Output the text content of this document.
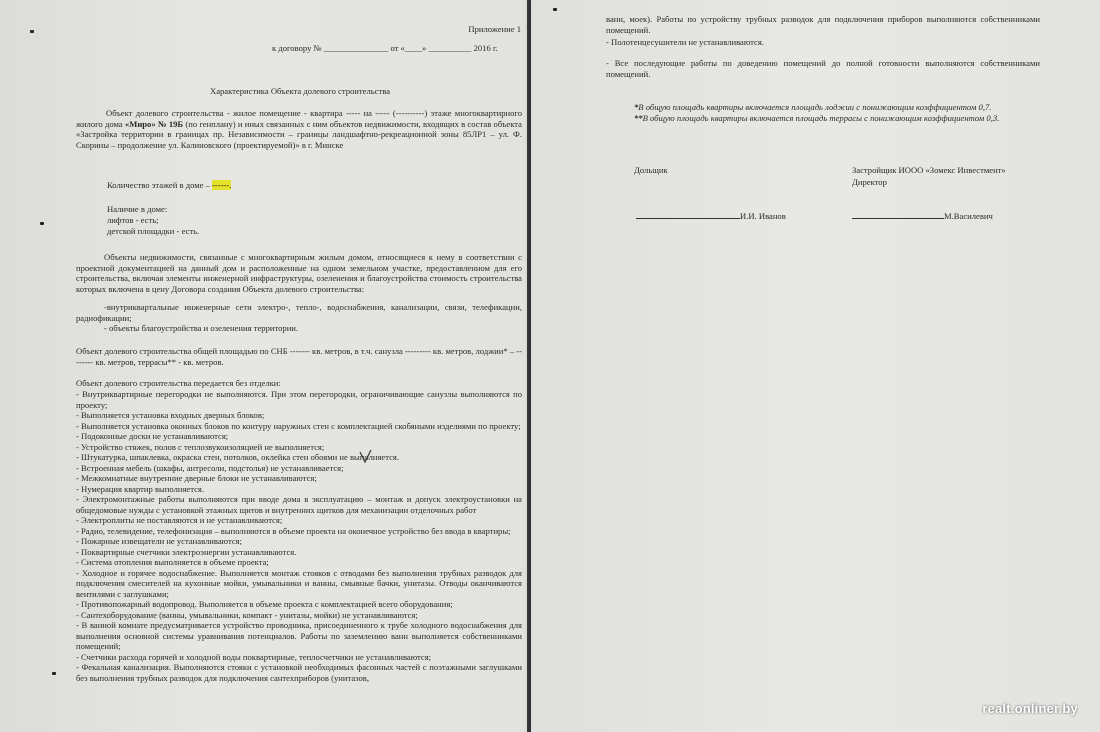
Приложение 1

к договору № _______________ от «____» __________ 2016 г.

Характеристика Объекта долевого строительства

Объект долевого строительства - жилое помещение - квартира ----- на ----- (----------) этаже многоквартирного жилого дома «Миро» № 19Б (по генплану) и иных связанных с ним объектов недвижимости, входящих в состав объекта «Застройка территории в границах пр. Независимости – границы ландшафтно-рекреационной зоны 85ЛР1 – ул. Ф. Скорины – продолжение ул. Калиновского (проектируемой)» в г. Минске

Количество этажей в доме – ------.

Наличие в доме:

лифтов - есть;

детской площадки - есть.

Объекты недвижимости, связанные с многоквартирным жилым домом, относящиеся к нему в соответствии с проектной документацией на данный дом и расположенные на одном земельном участке, предоставленном для его строительства, включая элементы инженерной инфраструктуры, озеленения и благоустройства стоимость строительства которых включена в цену Договора создания Объекта долевого строительства:

-внутриквартальные инженерные сети электро-, тепло-, водоснабжения, канализации, связи, телефикации, радиофикации;

- объекты благоустройства и озеленения территории.

Объект долевого строительства общей площадью по СНБ ------- кв. метров, в т.ч. санузла --------- кв. метров, лоджии* – -------- кв. метров, террасы** - кв. метров.

Объект долевого строительства передается без отделки:

- Внутриквартирные перегородки не выполняются. При этом перегородки, ограничивающие санузлы выполняются по проекту;

- Выполняется установка входных дверных блоков;

- Выполняется установка оконных блоков по контуру наружных стен с комплектацией скобяными изделиями по проекту;

- Подоконные доски не устанавливаются;

- Устройство стяжек, полов с теплозвукоизоляцией не выполняется;

- Штукатурка, шпаклевка, окраска стен, потолков, оклейка стен обоями не выполняется.

- Встроенная мебель (шкафы, антресоли, подстолья) не устанавливается;

- Межкомнатные внутренние дверные блоки не устанавливаются;

- Нумерация квартир выполняется.

- Электромонтажные работы выполняются при вводе дома в эксплуатацию – монтаж и допуск электроустановки на общедомовые нужды с установкой этажных щитов и внутренних щитков для механизации отделочных работ

- Электроплиты не поставляются и не устанавливаются;

- Радио, телевидение, телефонизация – выполняются в объеме проекта на оконечное устройство без ввода в квартиры;

- Пожарные извещатели не устанавливаются;

- Поквартирные счетчики электроэнергии устанавливаются.

- Система отопления выполняется в объеме проекта;

- Холодное и горячее водоснабжение. Выполняется монтаж стояков с отводами без выполнения трубных разводок для подключения смесителей на кухонные мойки, умывальники и ванны, смывные бачки, унитазы. Отводы оканчиваются вентилями с заглушками;

- Противопожарный водопровод. Выполняется в объеме проекта с комплектацией всего оборудования;

- Сантехоборудование (ванны, умывальники, компакт - унитазы, мойки) не устанавливаются;

- В ванной комнате предусматривается устройство проводника, присоединенного к трубе холодного водоснабжения для выполнения основной системы уравнивания потенциалов. Работы по заземлению ванн выполняется собственниками помещений;

- Счетчики расхода горячей и холодной воды поквартирные, теплосчетчики не устанавливаются;

- Фекальная канализация. Выполняются стояки с установкой необходимых фасонных частей с поэтажными заглушками без выполнения трубных разводок для подключения сантехприборов (унитазов,

ванн, моек). Работы по устройству трубных разводок для подключения приборов выполняются собственниками помещений.

- Полотенцесушители не устанавливаются.

- Все последующие работы по доведению помещений до полной готовности выполняются собственниками помещений.

*В общую площадь квартиры включается площадь лоджии с понижающим коэффициентом 0,7.

**В общую площадь квартиры включается площадь террасы с понижающим коэффициентом 0,3.

Дольщик	Застройщик ИООО «Зомекс Инвестмент»

Директор

И.И. Иванов	М.Василевич

realt.onliner.by
